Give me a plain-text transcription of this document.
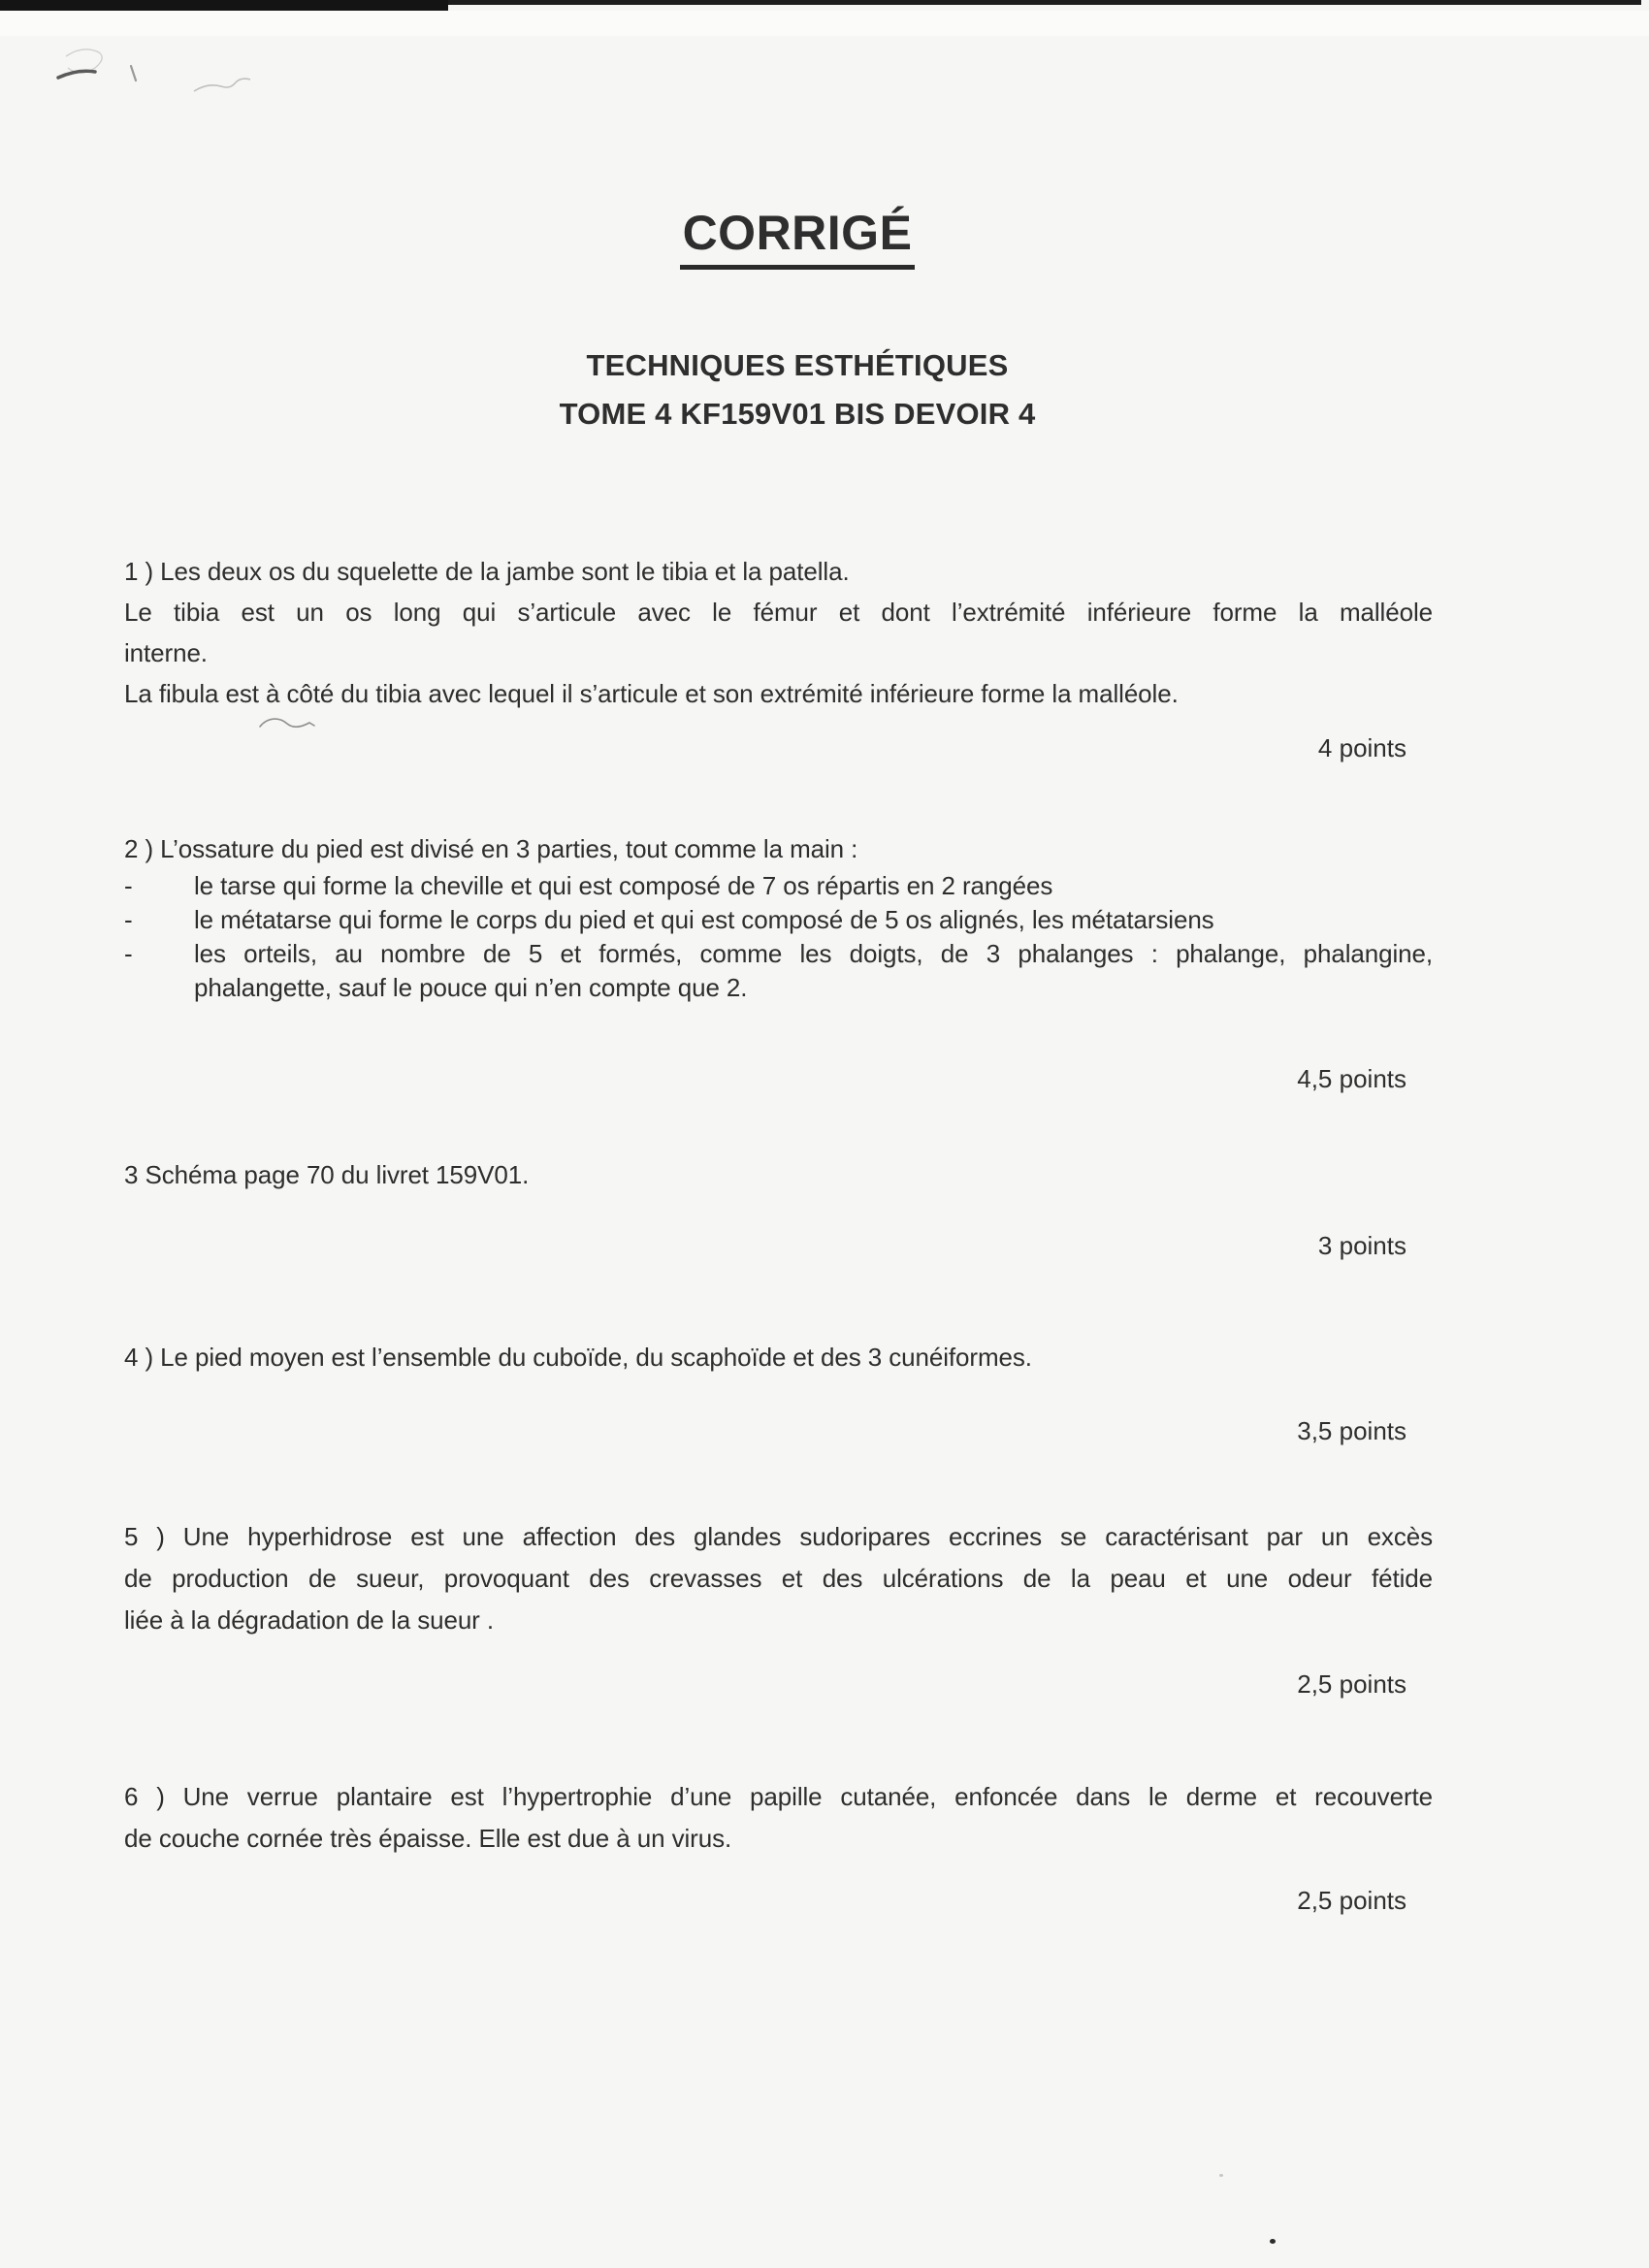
CORRIGÉ
TECHNIQUES ESTHÉTIQUES
TOME 4 KF159V01 BIS DEVOIR 4
1 ) Les deux os du squelette de la jambe sont le tibia et la patella.
Le tibia est un os long qui s’articule avec le fémur et dont l’extrémité inférieure forme la malléole
interne.
La fibula est à côté du tibia avec lequel il s’articule et son extrémité inférieure forme la malléole.
4 points
2 ) L’ossature du pied est divisé en 3 parties, tout comme la main :
-	le tarse qui forme la cheville et qui est composé de 7 os répartis en 2 rangées
-	le métatarse qui forme le corps du pied et qui est composé de 5 os alignés, les métatarsiens
-	les orteils, au nombre de 5 et formés, comme les doigts, de 3 phalanges : phalange, phalangine,
phalangette, sauf le pouce qui n’en compte que 2.
4,5 points
3 Schéma page 70 du livret 159V01.
3 points
4 ) Le pied moyen est l’ensemble du cuboïde, du scaphoïde et des 3 cunéiformes.
3,5 points
5 ) Une hyperhidrose est une affection des glandes sudoripares eccrines se caractérisant par un excès
de production de sueur, provoquant des crevasses et des ulcérations de la peau et une odeur fétide
liée à la dégradation de la sueur .
2,5 points
6 ) Une verrue plantaire est l’hypertrophie d’une papille cutanée, enfoncée dans le derme et recouverte
de couche cornée très épaisse. Elle est due à un virus.
2,5 points
